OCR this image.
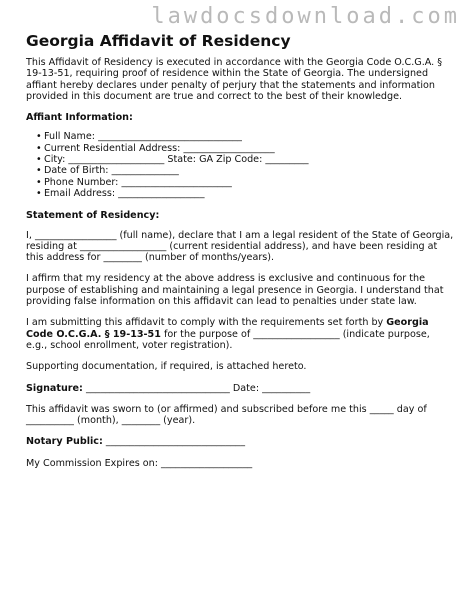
lawdocsdownload.com
Georgia Affidavit of Residency

This Affidavit of Residency is executed in accordance with the Georgia Code O.C.G.A. § 19-13-51, requiring proof of residence within the State of Georgia. The undersigned affiant hereby declares under penalty of perjury that the statements and information provided in this document are true and correct to the best of their knowledge.

Affiant Information:
• Full Name: ______________________________
• Current Residential Address: ___________________
• City: ____________________ State: GA Zip Code: _________
• Date of Birth: ______________
• Phone Number: _______________________
• Email Address: __________________
Statement of Residency:

I, _________________ (full name), declare that I am a legal resident of the State of Georgia, residing at __________________ (current residential address), and have been residing at this address for ________ (number of months/years).

I affirm that my residency at the above address is exclusive and continuous for the purpose of establishing and maintaining a legal presence in Georgia. I understand that providing false information on this affidavit can lead to penalties under state law.

I am submitting this affidavit to comply with the requirements set forth by Georgia Code O.C.G.A. § 19-13-51 for the purpose of __________________ (indicate purpose, e.g., school enrollment, voter registration).

Supporting documentation, if required, is attached hereto.

Signature: ______________________________ Date: __________

This affidavit was sworn to (or affirmed) and subscribed before me this _____ day of __________ (month), ________ (year).

Notary Public: _____________________________
My Commission Expires on: ___________________
